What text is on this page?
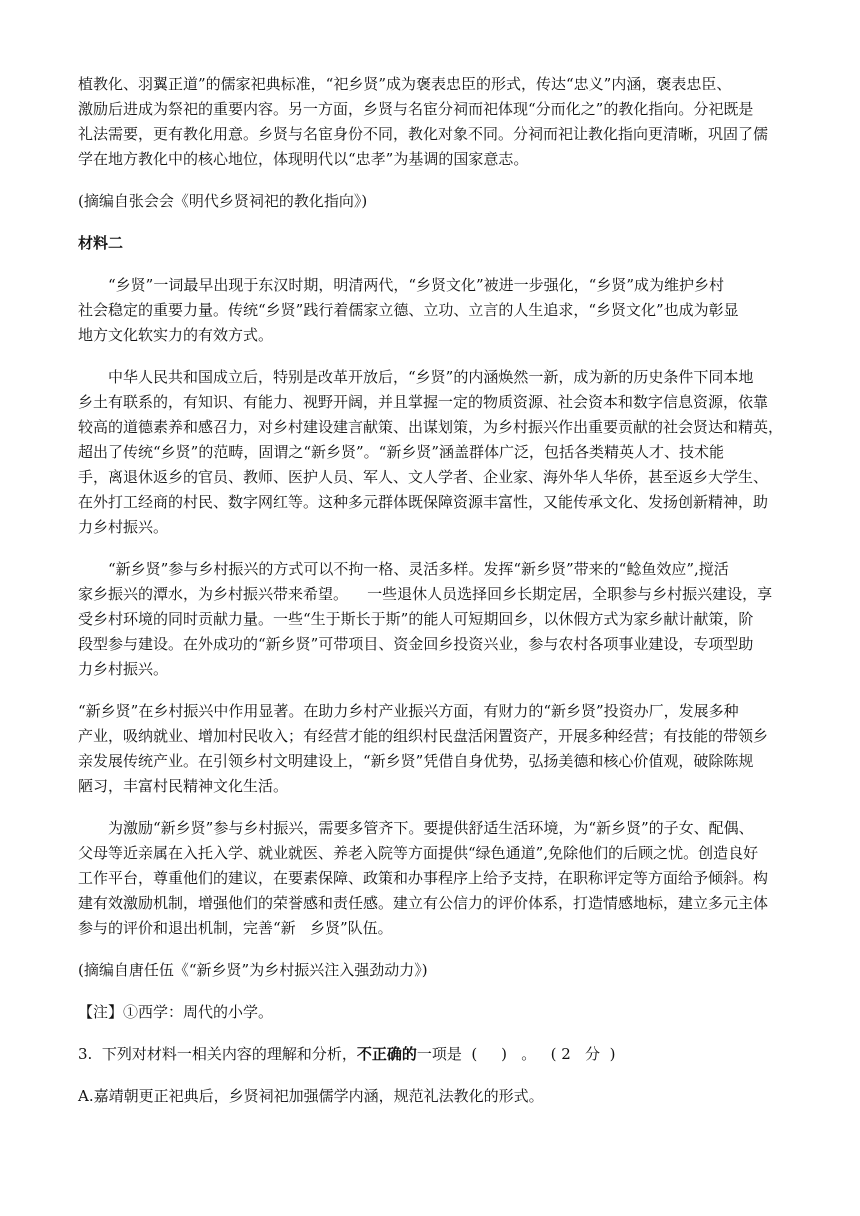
植教化、羽翼正道”的儒家祀典标准，“祀乡贤”成为褒表忠臣的形式，传达“忠义”内涵，褒表忠臣、

激励后进成为祭祀的重要内容。另一方面，乡贤与名宦分祠而祀体现“分而化之”的教化指向。分祀既是

礼法需要，更有教化用意。乡贤与名宦身份不同，教化对象不同。分祠而祀让教化指向更清晰，巩固了儒

学在地方教化中的核心地位，体现明代以“忠孝”为基调的国家意志。

(摘编自张会会《明代乡贤祠祀的教化指向》)

材料二

“乡贤”一词最早出现于东汉时期，明清两代，“乡贤文化”被进一步强化，“乡贤”成为维护乡村

社会稳定的重要力量。传统“乡贤”践行着儒家立德、立功、立言的人生追求，“乡贤文化”也成为彰显

地方文化软实力的有效方式。

中华人民共和国成立后，特别是改革开放后，“乡贤”的内涵焕然一新，成为新的历史条件下同本地

乡土有联系的，有知识、有能力、视野开阔，并且掌握一定的物质资源、社会资本和数字信息资源，依靠

较高的道德素养和感召力，对乡村建设建言献策、出谋划策，为乡村振兴作出重要贡献的社会贤达和精英，

超出了传统“乡贤”的范畴，固谓之“新乡贤”。“新乡贤”涵盖群体广泛，包括各类精英人才、技术能

手，离退休返乡的官员、教师、医护人员、军人、文人学者、企业家、海外华人华侨，甚至返乡大学生、

在外打工经商的村民、数字网红等。这种多元群体既保障资源丰富性，又能传承文化、发扬创新精神，助

力乡村振兴。

“新乡贤”参与乡村振兴的方式可以不拘一格、灵活多样。发挥“新乡贤”带来的“鲶鱼效应”,搅活

家乡振兴的潭水，为乡村振兴带来希望。    一些退休人员选择回乡长期定居，全职参与乡村振兴建设，享

受乡村环境的同时贡献力量。一些“生于斯长于斯”的能人可短期回乡，以休假方式为家乡献计献策，阶

段型参与建设。在外成功的“新乡贤”可带项目、资金回乡投资兴业，参与农村各项事业建设，专项型助

力乡村振兴。

“新乡贤”在乡村振兴中作用显著。在助力乡村产业振兴方面，有财力的“新乡贤”投资办厂，发展多种

产业，吸纳就业、增加村民收入；有经营才能的组织村民盘活闲置资产，开展多种经营；有技能的带领乡

亲发展传统产业。在引领乡村文明建设上，“新乡贤”凭借自身优势，弘扬美德和核心价值观，破除陈规

陋习，丰富村民精神文化生活。

为激励“新乡贤”参与乡村振兴，需要多管齐下。要提供舒适生活环境，为“新乡贤”的子女、配偶、

父母等近亲属在入托入学、就业就医、养老入院等方面提供“绿色通道”,免除他们的后顾之忧。创造良好

工作平台，尊重他们的建议，在要素保障、政策和办事程序上给予支持，在职称评定等方面给予倾斜。构

建有效激励机制，增强他们的荣誉感和责任感。建立有公信力的评价体系，打造情感地标，建立多元主体

参与的评价和退出机制，完善“新   乡贤”队伍。

(摘编自唐任伍《“新乡贤”为乡村振兴注入强劲动力》)

【注】①西学：周代的小学。

3. 下列对材料一相关内容的理解和分析，不正确的一项是  (     )   。   ( 2   分  )

A.嘉靖朝更正祀典后，乡贤祠祀加强儒学内涵，规范礼法教化的形式。
